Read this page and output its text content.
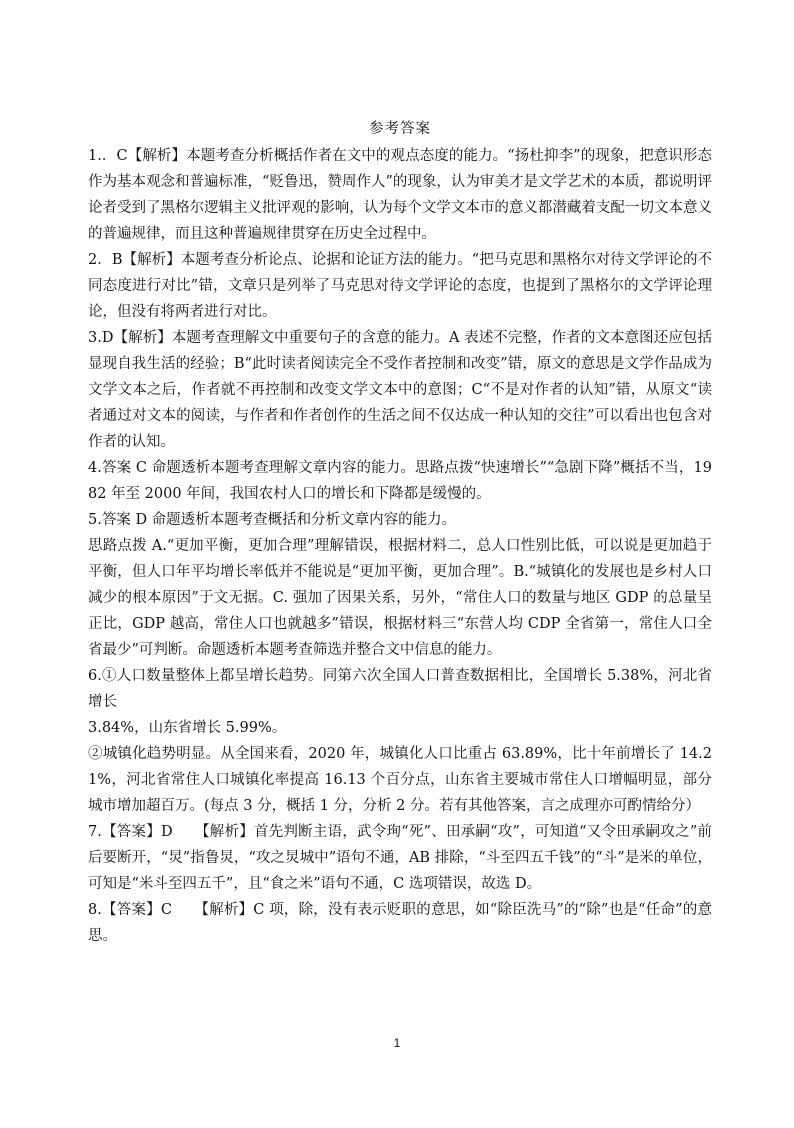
参考答案

1.．C【解析】本题考查分析概括作者在文中的观点态度的能力。“扬杜抑李”的现象，把意识形态作为基本观念和普遍标准，“贬鲁迅，赞周作人”的现象，认为审美才是文学艺术的本质，都说明评论者受到了黑格尔逻辑主义批评观的影响，认为每个文学文本巿的意义都潜藏着支配一切文本意义的普遍规律，而且这种普遍规律贯穿在历史全过程中。

2．B【解析】本题考查分析论点、论据和论证方法的能力。“把马克思和黑格尔对待文学评论的不同态度进行对比”错，文章只是列举了马克思对待文学评论的态度，也提到了黑格尔的文学评论理论，但没有将两者进行对比。

3.D【解析】本题考查理解文中重要句子的含意的能力。A 表述不完整，作者的文本意图还应包括显现自我生活的经验；B“此时读者阅读完全不受作者控制和改变”错，原文的意思是文学作品成为文学文本之后，作者就不再控制和改变文学文本中的意图；C“不是对作者的认知”错，从原文“读者通过对文本的阅读，与作者和作者创作的生活之间不仅达成一种认知的交往”可以看出也包含对作者的认知。

4.答案 C 命题透析本题考查理解文章内容的能力。思路点拨“快速增长”“急剧下降”概括不当，1982 年至 2000 年间，我国农村人口的增长和下降都是缓慢的。

5.答案 D 命题透析本题考查概括和分析文章内容的能力。

思路点拨 A.“更加平衡，更加合理”理解错误，根据材料二，总人口性别比低，可以说是更加趋于平衡，但人口年平均增长率低并不能说是“更加平衡，更加合理”。B.“城镇化的发展也是乡村人口减少的根本原因”于文无据。C. 强加了因果关系，另外，“常住人口的数量与地区 GDP 的总量呈正比，GDP 越高，常住人口也就越多”错误，根据材料三“东营人均 CDP 全省第一，常住人口全省最少”可判断。命题透析本题考查筛选并整合文中信息的能力。

6.①人口数量整体上都呈增长趋势。同第六次全国人口普查数据相比，全国增长 5.38%，河北省增长

3.84%，山东省增长 5.99%。

②城镇化趋势明显。从全国来看，2020 年，城镇化人口比重占 63.89%，比十年前增长了 14.21%，河北省常住人口城镇化率提高 16.13 个百分点，山东省主要城市常住人口增幅明显，部分城市增加超百万。(每点 3 分，概括 1 分，分析 2 分。若有其他答案，言之成理亦可酌情给分）

7.【答案】D　　【解析】首先判断主语，武令珣“死”、田承嗣“攻”，可知道“又令田承嗣攻之”前后要断开，“炅”指鲁炅，“攻之炅城中”语句不通，AB 排除，“斗至四五千钱”的“斗”是米的单位，可知是“米斗至四五千”，且“食之米”语句不通，C 选项错误，故选 D。

8.【答案】C　　【解析】C 项，除，没有表示贬职的意思，如“除臣洗马”的“除”也是“任命”的意思。

1
